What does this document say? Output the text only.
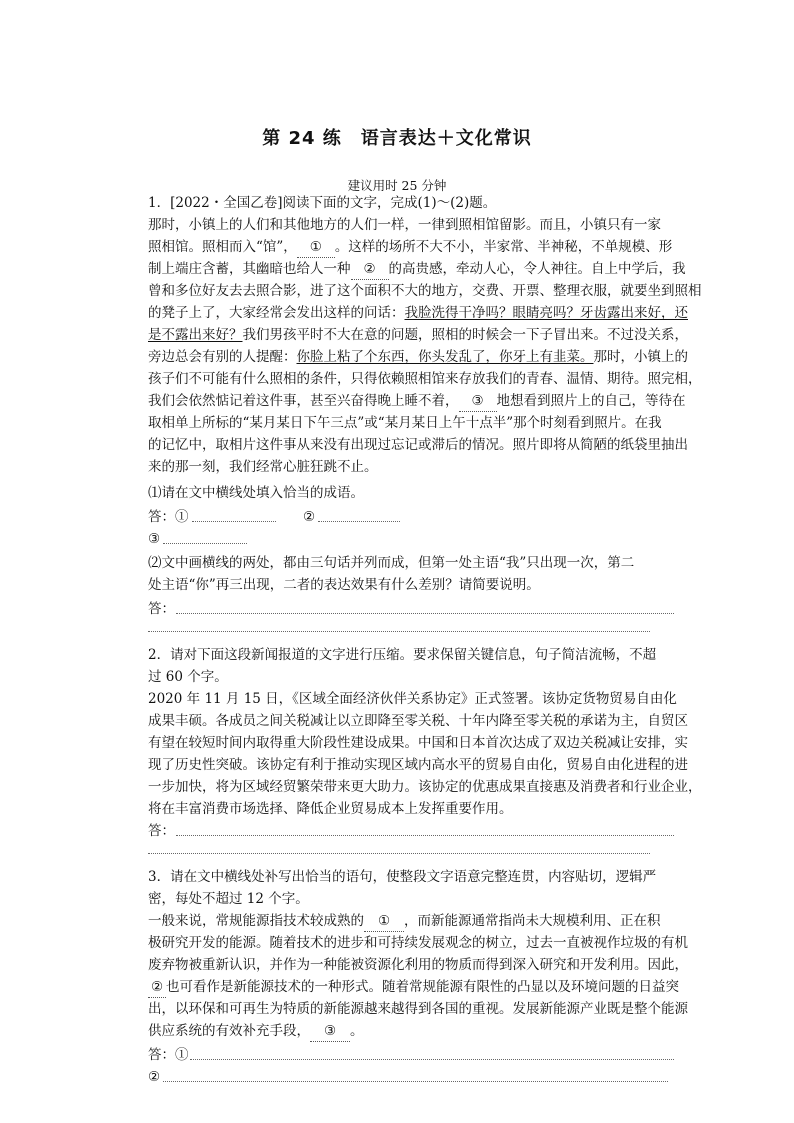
第 24 练　语言表达＋文化常识
建议用时 25 分钟
1．[2022・全国乙卷]阅读下面的文字，完成(1)～(2)题。
那时，小镇上的人们和其他地方的人们一样，一律到照相馆留影。而且，小镇只有一家
照相馆。照相而入“馆”， ① 。这样的场所不大不小，半家常、半神秘，不单规模、形
制上端庄含蓄，其幽暗也给人一种 ② 的高贵感，牵动人心，令人神往。自上中学后，我
曾和多位好友去去照合影，进了这个面积不大的地方，交费、开票、整理衣服，就要坐到照相
的凳子上了，大家经常会发出这样的问话：我脸洗得干净吗？眼睛亮吗？牙齿露出来好，还
是不露出来好？我们男孩平时不大在意的问题，照相的时候会一下子冒出来。不过没关系，
旁边总会有别的人提醒：你脸上粘了个东西，你头发乱了，你牙上有韭菜。那时，小镇上的
孩子们不可能有什么照相的条件，只得依赖照相馆来存放我们的青春、温情、期待。照完相，
我们会依然惦记着这件事，甚至兴奋得晚上睡不着， ③ 地想看到照片上的自己，等待在
取相单上所标的“某月某日下午三点”或“某月某日上午十点半”那个时刻看到照片。在我
的记忆中，取相片这件事从来没有出现过忘记或滞后的情况。照片即将从简陋的纸袋里抽出
来的那一刻，我们经常心脏狂跳不止。
⑴请在文中横线处填入恰当的成语。
答：①	②
③
⑵文中画横线的两处，都由三句话并列而成，但第一处主语“我”只出现一次，第二
处主语“你”再三出现，二者的表达效果有什么差别？请简要说明。
答：
2．请对下面这段新闻报道的文字进行压缩。要求保留关键信息，句子简洁流畅，不超
过 60 个字。
2020 年 11 月 15 日，《区域全面经济伙伴关系协定》正式签署。该协定货物贸易自由化
成果丰硕。各成员之间关税减让以立即降至零关税、十年内降至零关税的承诺为主，自贸区
有望在较短时间内取得重大阶段性建设成果。中国和日本首次达成了双边关税减让安排，实
现了历史性突破。该协定有利于推动实现区域内高水平的贸易自由化，贸易自由化进程的进
一步加快，将为区域经贸繁荣带来更大助力。该协定的优惠成果直接惠及消费者和行业企业，
将在丰富消费市场选择、降低企业贸易成本上发挥重要作用。
答：
3．请在文中横线处补写出恰当的语句，使整段文字语意完整连贯，内容贴切，逻辑严
密，每处不超过 12 个字。
一般来说，常规能源指技术较成熟的 ① ，而新能源通常指尚未大规模利用、正在积
极研究开发的能源。随着技术的进步和可持续发展观念的树立，过去一直被视作垃圾的有机
废弃物被重新认识，并作为一种能被资源化利用的物质而得到深入研究和开发利用。因此，
② 也可看作是新能源技术的一种形式。随着常规能源有限性的凸显以及环境问题的日益突
出，以环保和可再生为特质的新能源越来越得到各国的重视。发展新能源产业既是整个能源
供应系统的有效补充手段， ③ 。
答：①
②
